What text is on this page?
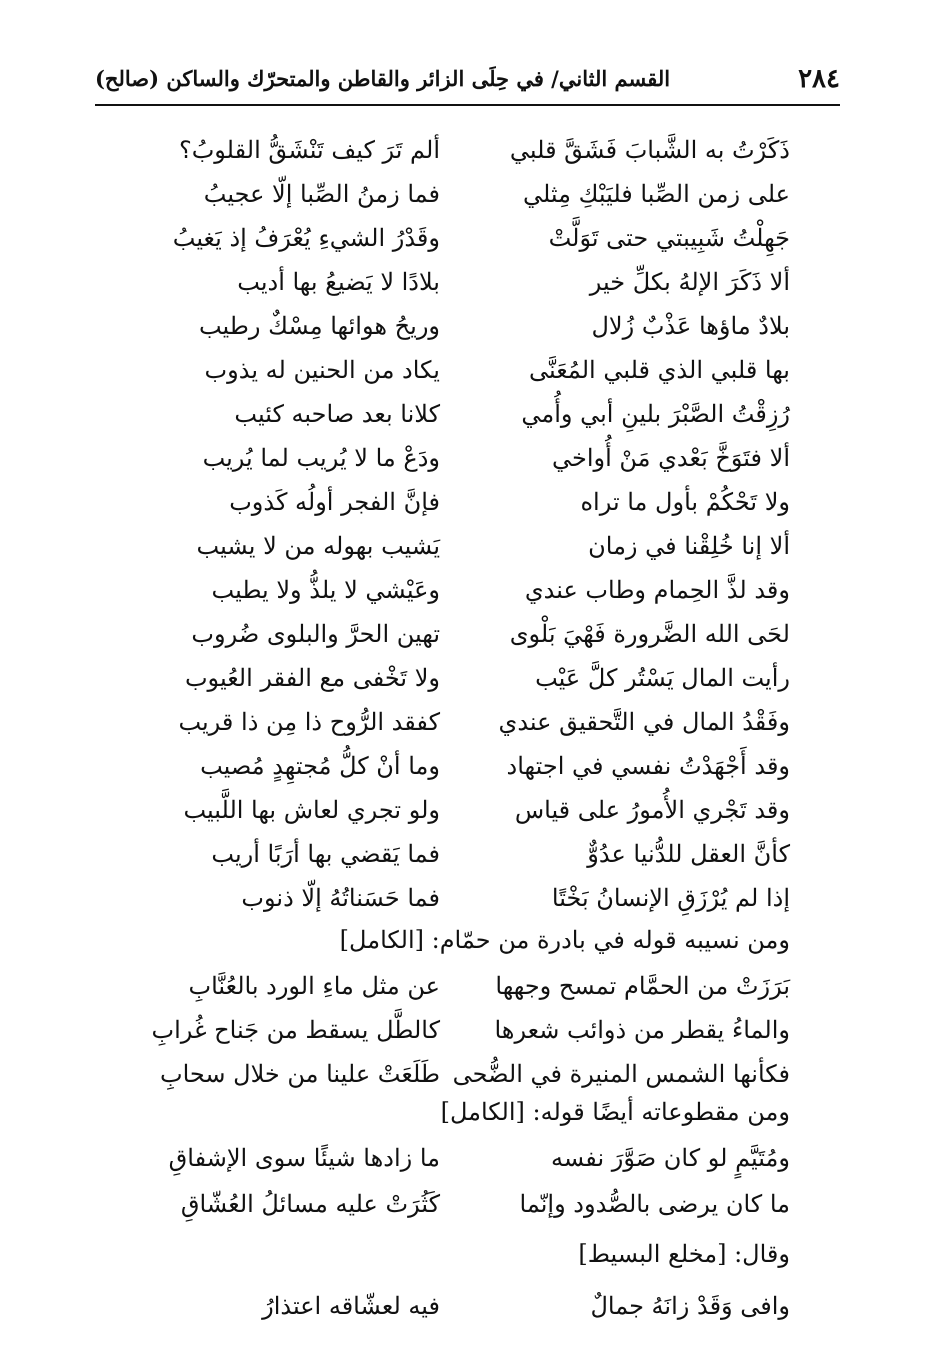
٢٨٤
القسم الثاني/ في حِلَى الزائر والقاطن والمتحرّك والساكن (صالح)
ذَكَرْتُ به الشَّبابَ فَشَقَّ قلبي
ألم تَرَ كيف تَنْشَقُّ القلوبُ؟
على زمن الصِّبا فليَبْكِ مِثلي
فما زمنُ الصِّبا إلّا عجيبُ
جَهِلْتُ شَبِيبتي حتى تَوَلَّتْ
وقَدْرُ الشيءِ يُعْرَفُ إذ يَغيبُ
ألا ذَكَرَ الإلهُ بكلِّ خير
بلادًا لا يَضيعُ بها أديب
بلادٌ ماؤها عَذْبٌ زُلال
وريحُ هوائها مِسْكٌ رطيب
بها قلبي الذي قلبي المُعَنَّى
يكاد من الحنين له يذوب
رُزِقْتُ الصَّبْرَ بلينِ أبي وأُمي
كلانا بعد صاحبه كئيب
ألا فتَوَخَّ بَعْدي مَنْ أُواخي
ودَعْ ما لا يُريب لما يُريب
ولا تَحْكُمْ بأول ما تراه
فإنَّ الفجر أولُه كَذوب
ألا إنا خُلِقْنا في زمان
يَشيب بهوله من لا يشيب
وقد لذَّ الحِمام وطاب عندي
وعَيْشي لا يلذُّ ولا يطيب
لحَى الله الضَّرورة فَهْيَ بَلْوى
تهين الحرَّ والبلوى ضُروب
رأيت المال يَسْتُر كلَّ عَيْب
ولا تَخْفى مع الفقر العُيوب
وفَقْدُ المال في التَّحقيق عندي
كفقد الرُّوح ذا مِن ذا قريب
وقد أَجْهَدْتُ نفسي في اجتهاد
وما أنْ كلُّ مُجتهِدٍ مُصيب
وقد تَجْري الأُمورُ على قياس
ولو تجري لعاش بها اللَّبيب
كأنَّ العقل للدُّنيا عدُوٌّ
فما يَقضي بها أرَبًا أريب
إذا لم يُرْزَقِ الإنسانُ بَخْتًا
فما حَسَناتُهُ إلّا ذنوب
ومن نسيبه قوله في بادرة من حمّام: [الكامل]
بَرَزَتْ من الحمَّام تمسح وجهها
عن مثل ماءِ الورد بالعُنَّابِ
والماءُ يقطر من ذوائب شعرها
كالطَّل يسقط من جَناح غُرابِ
فكأنها الشمس المنيرة في الضُّحى
طَلَعَتْ علينا من خلال سحابِ
ومن مقطوعاته أيضًا قوله: [الكامل]
ومُتَيَّمٍ لو كان صَوَّرَ نفسه
ما زادها شيئًا سوى الإشفاقِ
ما كان يرضى بالصُّدود وإنّما
كَثُرَتْ عليه مسائلُ العُشّاقِ
وقال: [مخلع البسيط]
وافى وَقَدْ زانَهُ جمالٌ
فيه لعشّاقه اعتذارُ
